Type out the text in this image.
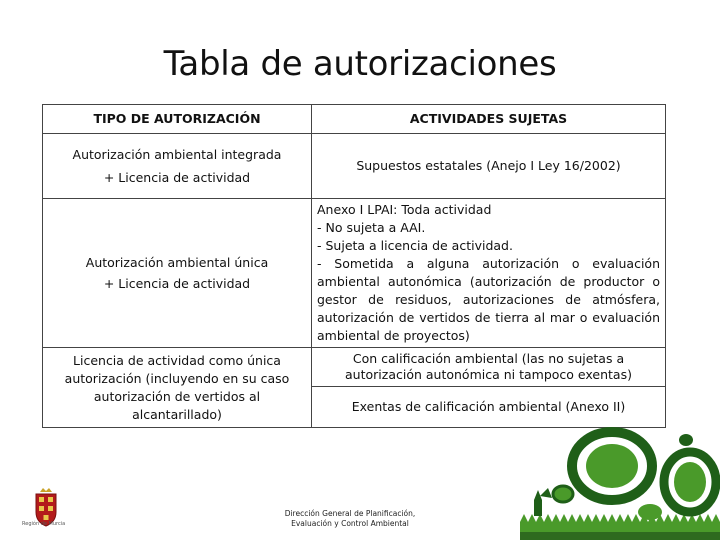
Tabla de autorizaciones
TIPO DE AUTORIZACIÓN	ACTIVIDADES SUJETAS

Autorización ambiental integrada
+ Licencia de actividad	Supuestos estatales (Anejo I Ley 16/2002)

Autorización ambiental única
+ Licencia de actividad	Anexo I LPAI: Toda actividad
- No sujeta a AAI.
- Sujeta a licencia de actividad.
- Sometida a alguna autorización o evaluación ambiental autonómica (autorización de productor o gestor de residuos, autorizaciones de atmósfera, autorización de vertidos de tierra al mar o evaluación ambiental de proyectos)

Licencia de actividad como única autorización (incluyendo en su caso autorización de vertidos al alcantarillado)	Con calificación ambiental (las no sujetas a autorización autonómica ni tampoco exentas)
	Exentas de calificación ambiental (Anexo II)
Región de Murcia
Dirección General de Planificación,
Evaluación y Control Ambiental
